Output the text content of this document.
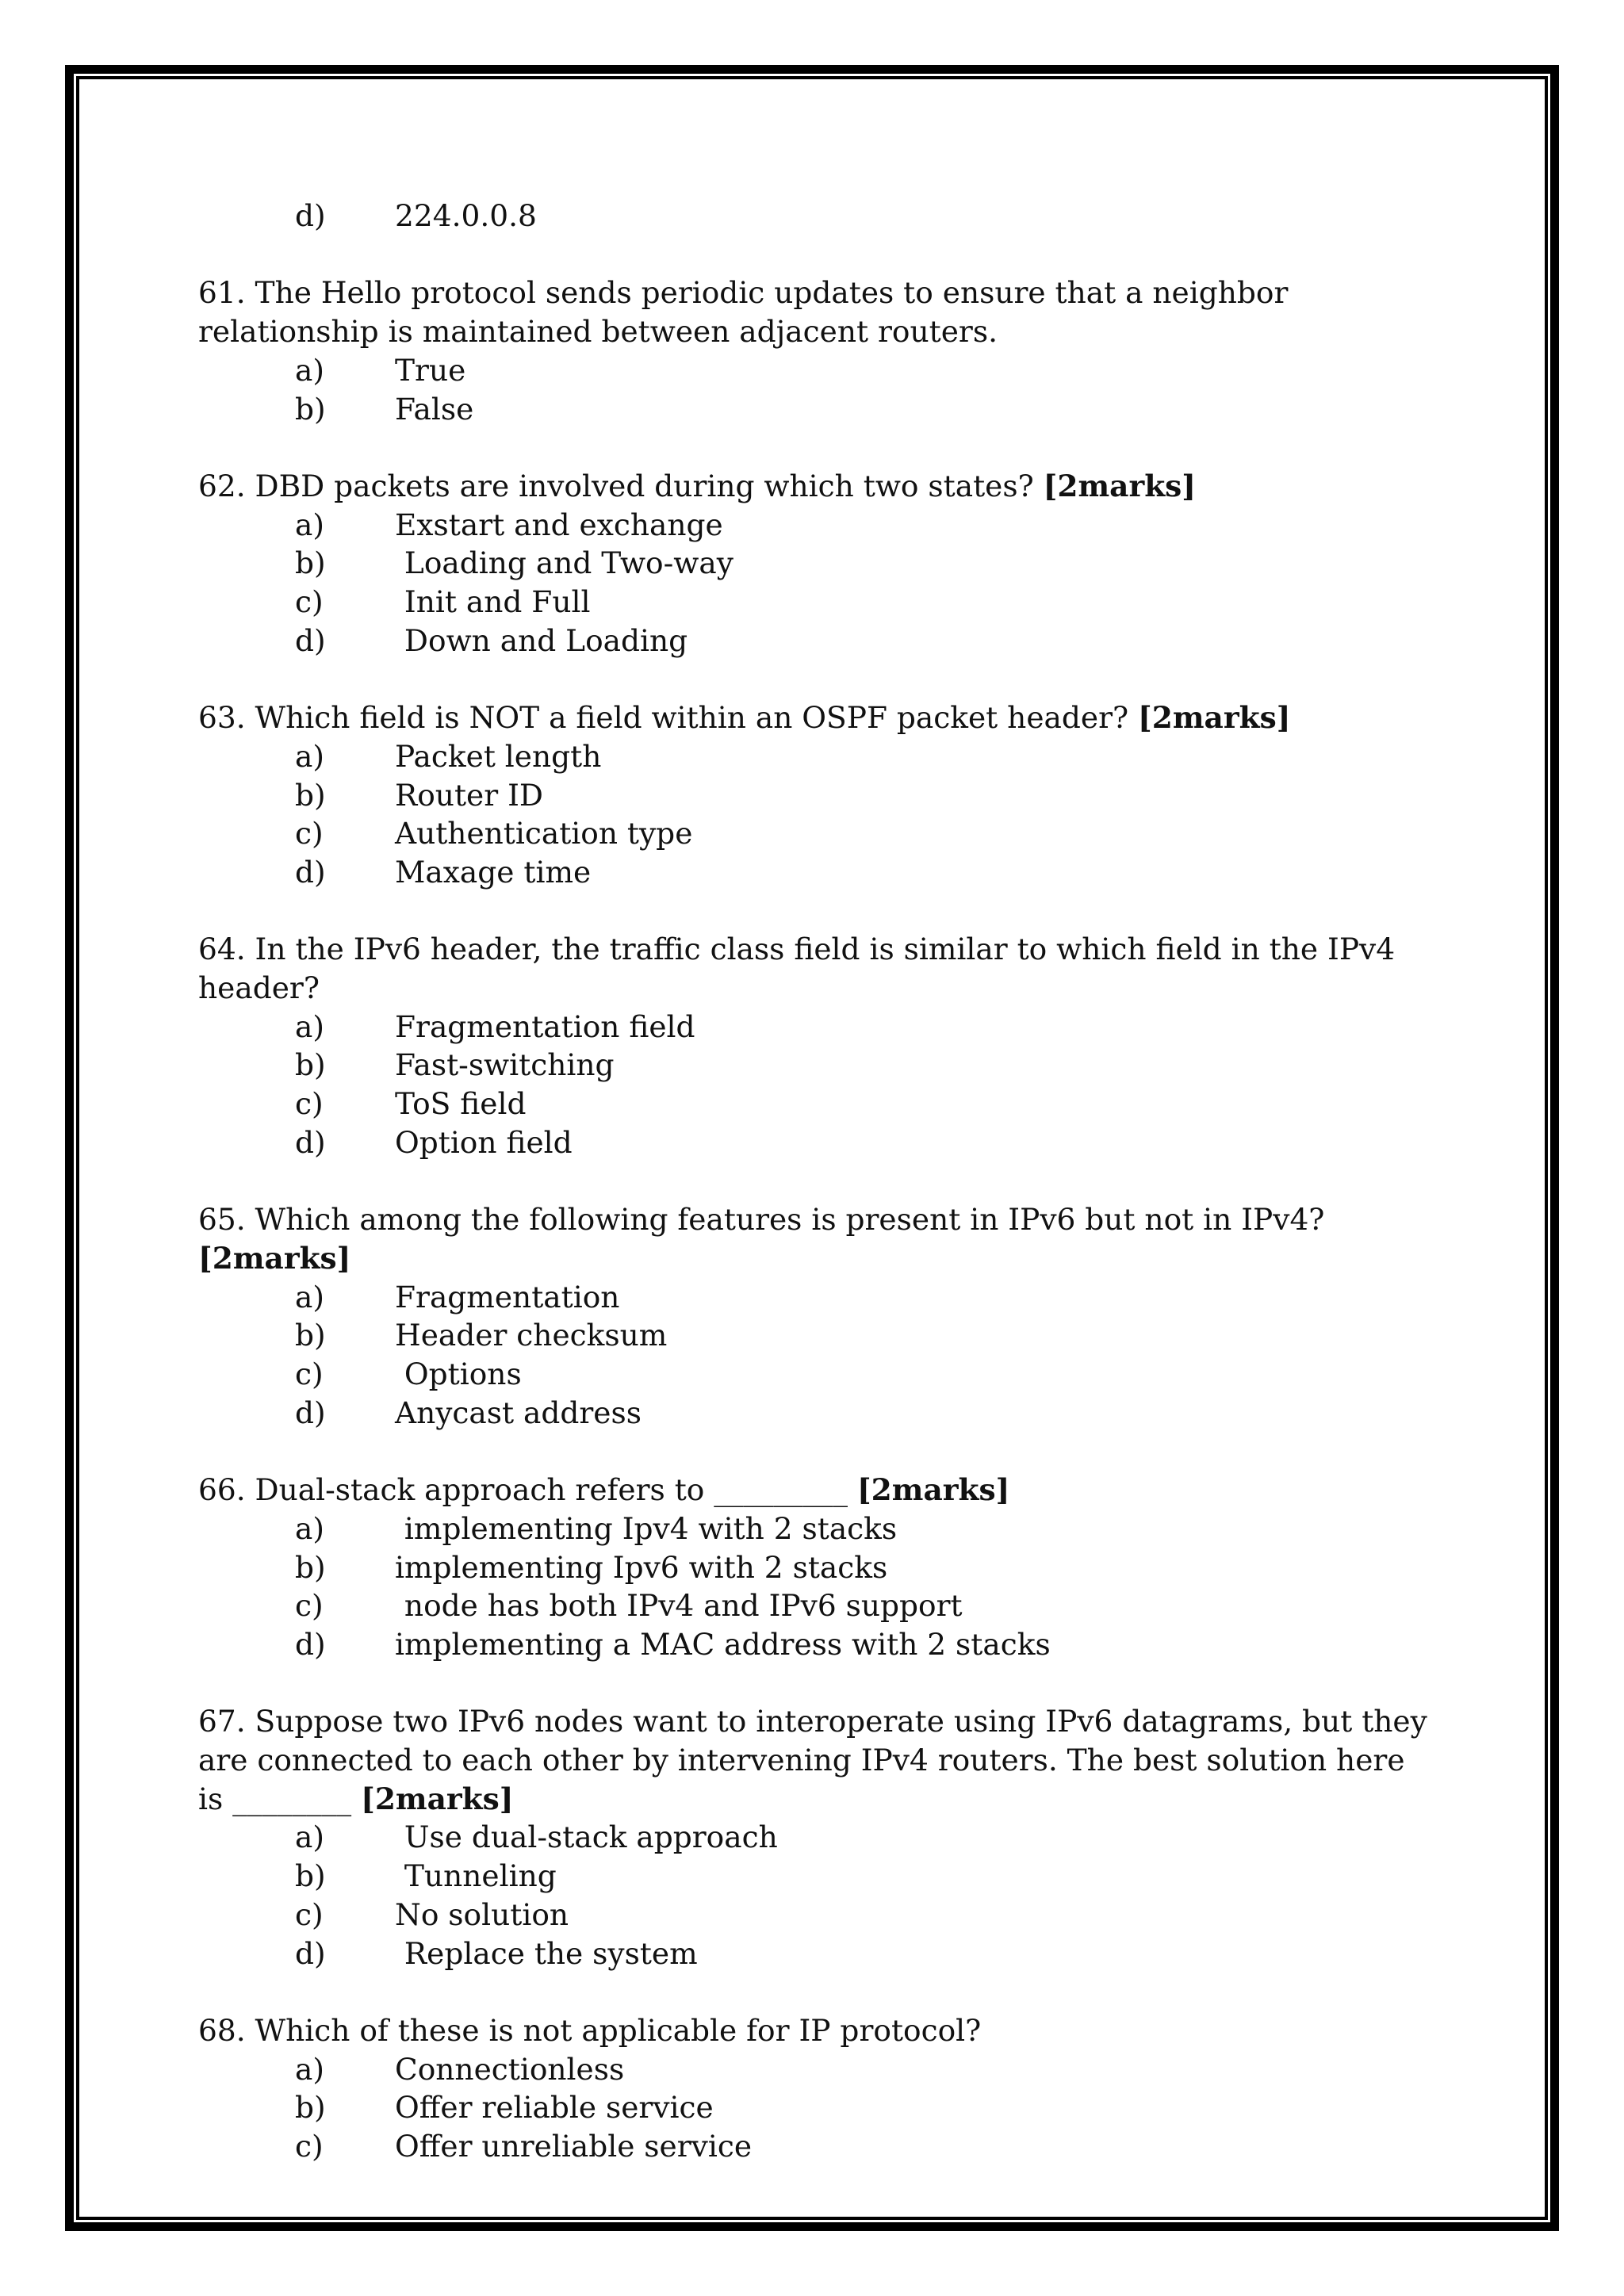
d)	224.0.0.8

61. The Hello protocol sends periodic updates to ensure that a neighbor relationship is maintained between adjacent routers.

a)	True
b)	False

62. DBD packets are involved during which two states? [2marks]

a)	Exstart and exchange
b)	Loading and Two-way
c)	Init and Full
d)	Down and Loading

63. Which field is NOT a field within an OSPF packet header? [2marks]

a)	Packet length
b)	Router ID
c)	Authentication type
d)	Maxage time

64. In the IPv6 header, the traffic class field is similar to which field in the IPv4 header?

a)	Fragmentation field
b)	Fast-switching
c)	ToS field
d)	Option field

65. Which among the following features is present in IPv6 but not in IPv4? [2marks]

a)	Fragmentation
b)	Header checksum
c)	Options
d)	Anycast address

66. Dual-stack approach refers to _________ [2marks]

a)	implementing Ipv4 with 2 stacks
b)	implementing Ipv6 with 2 stacks
c)	node has both IPv4 and IPv6 support
d)	implementing a MAC address with 2 stacks

67. Suppose two IPv6 nodes want to interoperate using IPv6 datagrams, but they are connected to each other by intervening IPv4 routers. The best solution here is ________ [2marks]

a)	Use dual-stack approach
b)	Tunneling
c)	No solution
d)	Replace the system

68. Which of these is not applicable for IP protocol?

a)	Connectionless
b)	Offer reliable service
c)	Offer unreliable service
